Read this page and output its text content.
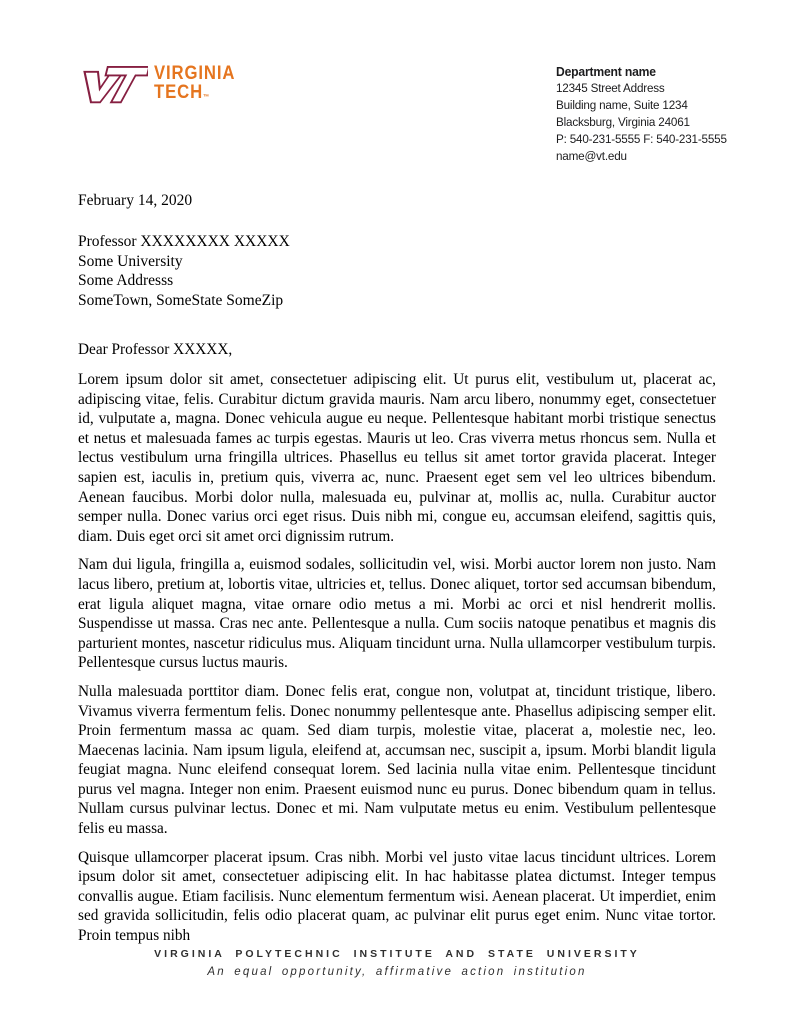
VIRGINIA
TECH™
Department name
12345 Street Address
Building name, Suite 1234
Blacksburg, Virginia 24061
P: 540-231-5555 F: 540-231-5555
name@vt.edu
February 14, 2020
Professor XXXXXXXX XXXXX
Some University
Some Addresss
SomeTown, SomeState SomeZip
Dear Professor XXXXX,

Lorem ipsum dolor sit amet, consectetuer adipiscing elit. Ut purus elit, vestibulum ut, placerat ac, adipiscing vitae, felis. Curabitur dictum gravida mauris. Nam arcu libero, nonummy eget, consectetuer id, vulputate a, magna. Donec vehicula augue eu neque. Pellentesque habitant morbi tristique senectus et netus et malesuada fames ac turpis egestas. Mauris ut leo. Cras viverra metus rhoncus sem. Nulla et lectus vestibulum urna fringilla ultrices. Phasellus eu tellus sit amet tortor gravida placerat. Integer sapien est, iaculis in, pretium quis, viverra ac, nunc. Praesent eget sem vel leo ultrices bibendum. Aenean faucibus. Morbi dolor nulla, malesuada eu, pulvinar at, mollis ac, nulla. Curabitur auctor semper nulla. Donec varius orci eget risus. Duis nibh mi, congue eu, accumsan eleifend, sagittis quis, diam. Duis eget orci sit amet orci dignissim rutrum.

Nam dui ligula, fringilla a, euismod sodales, sollicitudin vel, wisi. Morbi auctor lorem non justo. Nam lacus libero, pretium at, lobortis vitae, ultricies et, tellus. Donec aliquet, tortor sed accumsan bibendum, erat ligula aliquet magna, vitae ornare odio metus a mi. Morbi ac orci et nisl hendrerit mollis. Suspendisse ut massa. Cras nec ante. Pellentesque a nulla. Cum sociis natoque penatibus et magnis dis parturient montes, nascetur ridiculus mus. Aliquam tincidunt urna. Nulla ullamcorper vestibulum turpis. Pellentesque cursus luctus mauris.

Nulla malesuada porttitor diam. Donec felis erat, congue non, volutpat at, tincidunt tristique, libero. Vivamus viverra fermentum felis. Donec nonummy pellentesque ante. Phasellus adipiscing semper elit. Proin fermentum massa ac quam. Sed diam turpis, molestie vitae, placerat a, molestie nec, leo. Maecenas lacinia. Nam ipsum ligula, eleifend at, accumsan nec, suscipit a, ipsum. Morbi blandit ligula feugiat magna. Nunc eleifend consequat lorem. Sed lacinia nulla vitae enim. Pellentesque tincidunt purus vel magna. Integer non enim. Praesent euismod nunc eu purus. Donec bibendum quam in tellus. Nullam cursus pulvinar lectus. Donec et mi. Nam vulputate metus eu enim. Vestibulum pellentesque felis eu massa.

Quisque ullamcorper placerat ipsum. Cras nibh. Morbi vel justo vitae lacus tincidunt ultrices. Lorem ipsum dolor sit amet, consectetuer adipiscing elit. In hac habitasse platea dictumst. Integer tempus convallis augue. Etiam facilisis. Nunc elementum fermentum wisi. Aenean placerat. Ut imperdiet, enim sed gravida sollicitudin, felis odio placerat quam, ac pulvinar elit purus eget enim. Nunc vitae tortor. Proin tempus nibh

VIRGINIA POLYTECHNIC INSTITUTE AND STATE UNIVERSITY
An equal opportunity, affirmative action institution
